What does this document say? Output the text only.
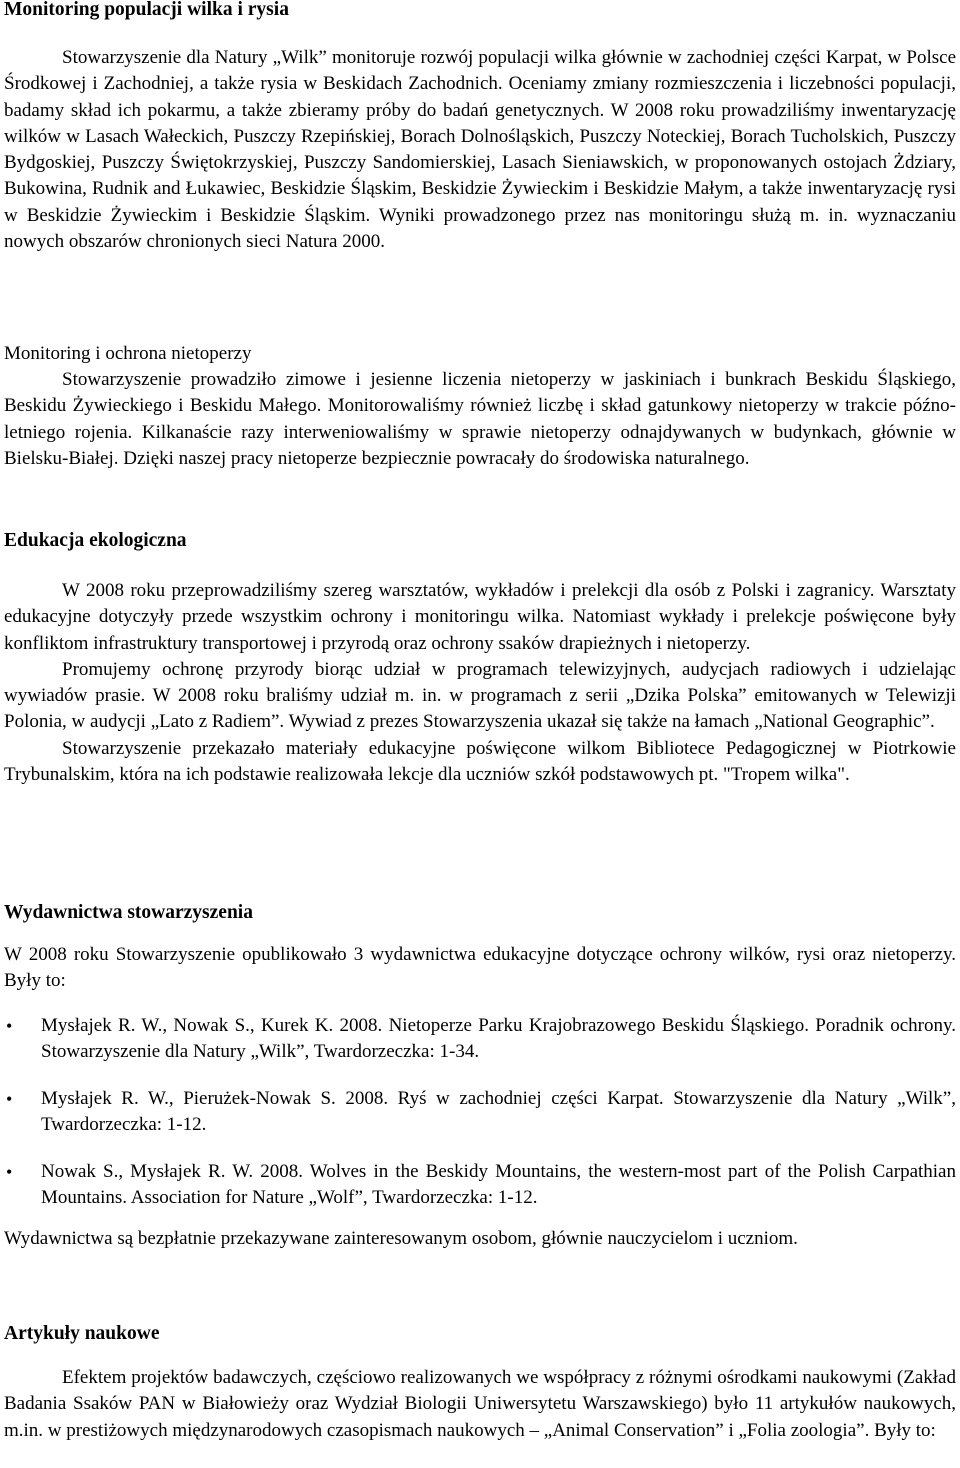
Monitoring populacji wilka i rysia

Stowarzyszenie dla Natury „Wilk” monitoruje rozwój populacji wilka głównie w zachodniej części Karpat, w Polsce Środkowej i Zachodniej, a także rysia w Beskidach Zachodnich. Oceniamy zmiany rozmieszczenia i liczebności populacji, badamy skład ich pokarmu, a także zbieramy próby do badań genetycznych. W 2008 roku prowadziliśmy inwentaryzację wilków w Lasach Wałeckich, Puszczy Rzepińskiej, Borach Dolnośląskich, Puszczy Noteckiej, Borach Tucholskich, Puszczy Bydgoskiej, Puszczy Świętokrzyskiej, Puszczy Sandomierskiej, Lasach Sieniawskich, w proponowanych ostojach Żdziary, Bukowina, Rudnik and Łukawiec, Beskidzie Śląskim, Beskidzie Żywieckim i Beskidzie Małym, a także inwentaryzację rysi w Beskidzie Żywieckim i Beskidzie Śląskim. Wyniki prowadzonego przez nas monitoringu służą m. in. wyznaczaniu nowych obszarów chronionych sieci Natura 2000.

Monitoring i ochrona nietoperzy

Stowarzyszenie prowadziło zimowe i jesienne liczenia nietoperzy w jaskiniach i bunkrach Beskidu Śląskiego, Beskidu Żywieckiego i Beskidu Małego. Monitorowaliśmy również liczbę i skład gatunkowy nietoperzy w trakcie późno-letniego rojenia. Kilkanaście razy interweniowaliśmy w sprawie nietoperzy odnajdywanych w budynkach, głównie w Bielsku-Białej. Dzięki naszej pracy nietoperze bezpiecznie powracały do środowiska naturalnego.

Edukacja ekologiczna

W 2008 roku przeprowadziliśmy szereg warsztatów, wykładów i prelekcji dla osób z Polski i zagranicy. Warsztaty edukacyjne dotyczyły przede wszystkim ochrony i monitoringu wilka. Natomiast wykłady i prelekcje poświęcone były konfliktom infrastruktury transportowej i przyrodą oraz ochrony ssaków drapieżnych i nietoperzy.

Promujemy ochronę przyrody biorąc udział w programach telewizyjnych, audycjach radiowych i udzielając wywiadów prasie. W 2008 roku braliśmy udział m. in. w programach z serii „Dzika Polska” emitowanych w Telewizji Polonia, w audycji „Lato z Radiem”. Wywiad z prezes Stowarzyszenia ukazał się także na łamach „National Geographic”.

Stowarzyszenie przekazało materiały edukacyjne poświęcone wilkom Bibliotece Pedagogicznej w Piotrkowie Trybunalskim, która na ich podstawie realizowała lekcje dla uczniów szkół podstawowych pt. "Tropem wilka".

Wydawnictwa stowarzyszenia

W 2008 roku Stowarzyszenie opublikowało 3 wydawnictwa edukacyjne dotyczące ochrony wilków, rysi oraz nietoperzy. Były to:

• Mysłajek R. W., Nowak S., Kurek K. 2008. Nietoperze Parku Krajobrazowego Beskidu Śląskiego. Poradnik ochrony. Stowarzyszenie dla Natury „Wilk”, Twardorzeczka: 1-34.
• Mysłajek R. W., Pierużek-Nowak S. 2008. Ryś w zachodniej części Karpat. Stowarzyszenie dla Natury „Wilk”, Twardorzeczka: 1-12.
• Nowak S., Mysłajek R. W. 2008. Wolves in the Beskidy Mountains, the western-most part of the Polish Carpathian Mountains. Association for Nature „Wolf”, Twardorzeczka: 1-12.

Wydawnictwa są bezpłatnie przekazywane zainteresowanym osobom, głównie nauczycielom i uczniom.

Artykuły naukowe

Efektem projektów badawczych, częściowo realizowanych we współpracy z różnymi ośrodkami naukowymi (Zakład Badania Ssaków PAN w Białowieży oraz Wydział Biologii Uniwersytetu Warszawskiego) było 11 artykułów naukowych, m.in. w prestiżowych międzynarodowych czasopismach naukowych – „Animal Conservation” i „Folia zoologia”. Były to:
